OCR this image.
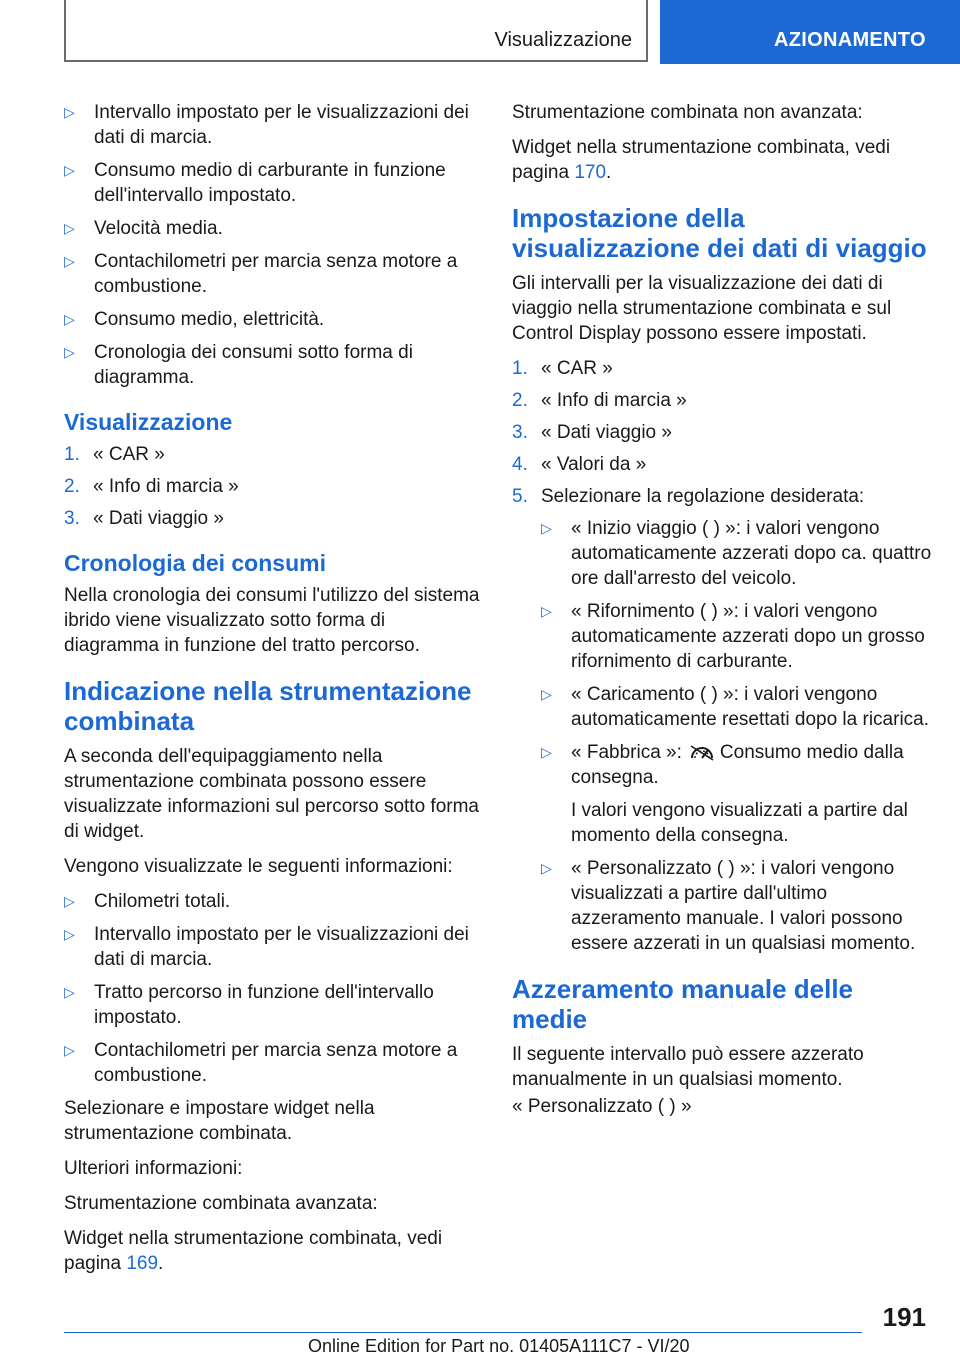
Visualizzazione	AZIONAMENTO
▷ Intervallo impostato per le visualizzazioni dei dati di marcia.
▷ Consumo medio di carburante in funzione dell'intervallo impostato.
▷ Velocità media.
▷ Contachilometri per marcia senza motore a combustione.
▷ Consumo medio, elettricità.
▷ Cronologia dei consumi sotto forma di diagramma.
Visualizzazione
1. « CAR »
2. « Info di marcia »
3. « Dati viaggio »
Cronologia dei consumi

Nella cronologia dei consumi l'utilizzo del sistema ibrido viene visualizzato sotto forma di diagramma in funzione del tratto percorso.

Indicazione nella strumentazione combinata

A seconda dell'equipaggiamento nella strumentazione combinata possono essere visualizzate informazioni sul percorso sotto forma di widget.

Vengono visualizzate le seguenti informazioni:

▷ Chilometri totali.
▷ Intervallo impostato per le visualizzazioni dei dati di marcia.
▷ Tratto percorso in funzione dell'intervallo impostato.
▷ Contachilometri per marcia senza motore a combustione.

Selezionare e impostare widget nella strumentazione combinata.

Ulteriori informazioni:

Strumentazione combinata avanzata:

Widget nella strumentazione combinata, vedi pagina 169.

Strumentazione combinata non avanzata:

Widget nella strumentazione combinata, vedi pagina 170.

Impostazione della visualizzazione dei dati di viaggio

Gli intervalli per la visualizzazione dei dati di viaggio nella strumentazione combinata e sul Control Display possono essere impostati.

1. « CAR »
2. « Info di marcia »
3. « Dati viaggio »
4. « Valori da »
5. Selezionare la regolazione desiderata:
▷ « Inizio viaggio ( ) »: i valori vengono automaticamente azzerati dopo ca. quattro ore dall'arresto del veicolo.
▷ « Rifornimento ( ) »: i valori vengono automaticamente azzerati dopo un grosso rifornimento di carburante.
▷ « Caricamento ( ) »: i valori vengono automaticamente resettati dopo la ricarica.
▷ « Fabbrica »: Consumo medio dalla consegna.

I valori vengono visualizzati a partire dal momento della consegna.

▷ « Personalizzato ( ) »: i valori vengono visualizzati a partire dall'ultimo azzeramento manuale. I valori possono essere azzerati in un qualsiasi momento.
Azzeramento manuale delle medie

Il seguente intervallo può essere azzerato manualmente in un qualsiasi momento.

« Personalizzato ( ) »

191
Online Edition for Part no. 01405A111C7 - VI/20
